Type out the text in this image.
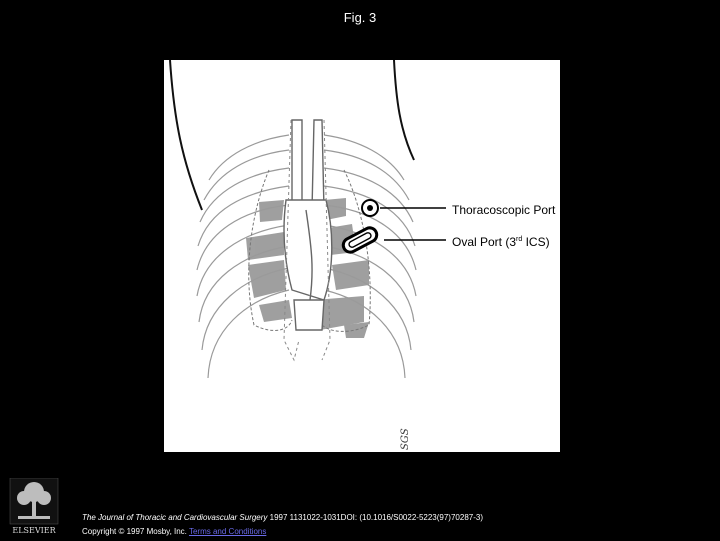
Fig. 3
Thoracoscopic Port
Oval Port (3rd ICS)
SGS
ELSEVIER
The Journal of Thoracic and Cardiovascular Surgery 1997 1131022-1031DOI: (10.1016/S0022-5223(97)70287-3)
Copyright © 1997 Mosby, Inc. Terms and Conditions
